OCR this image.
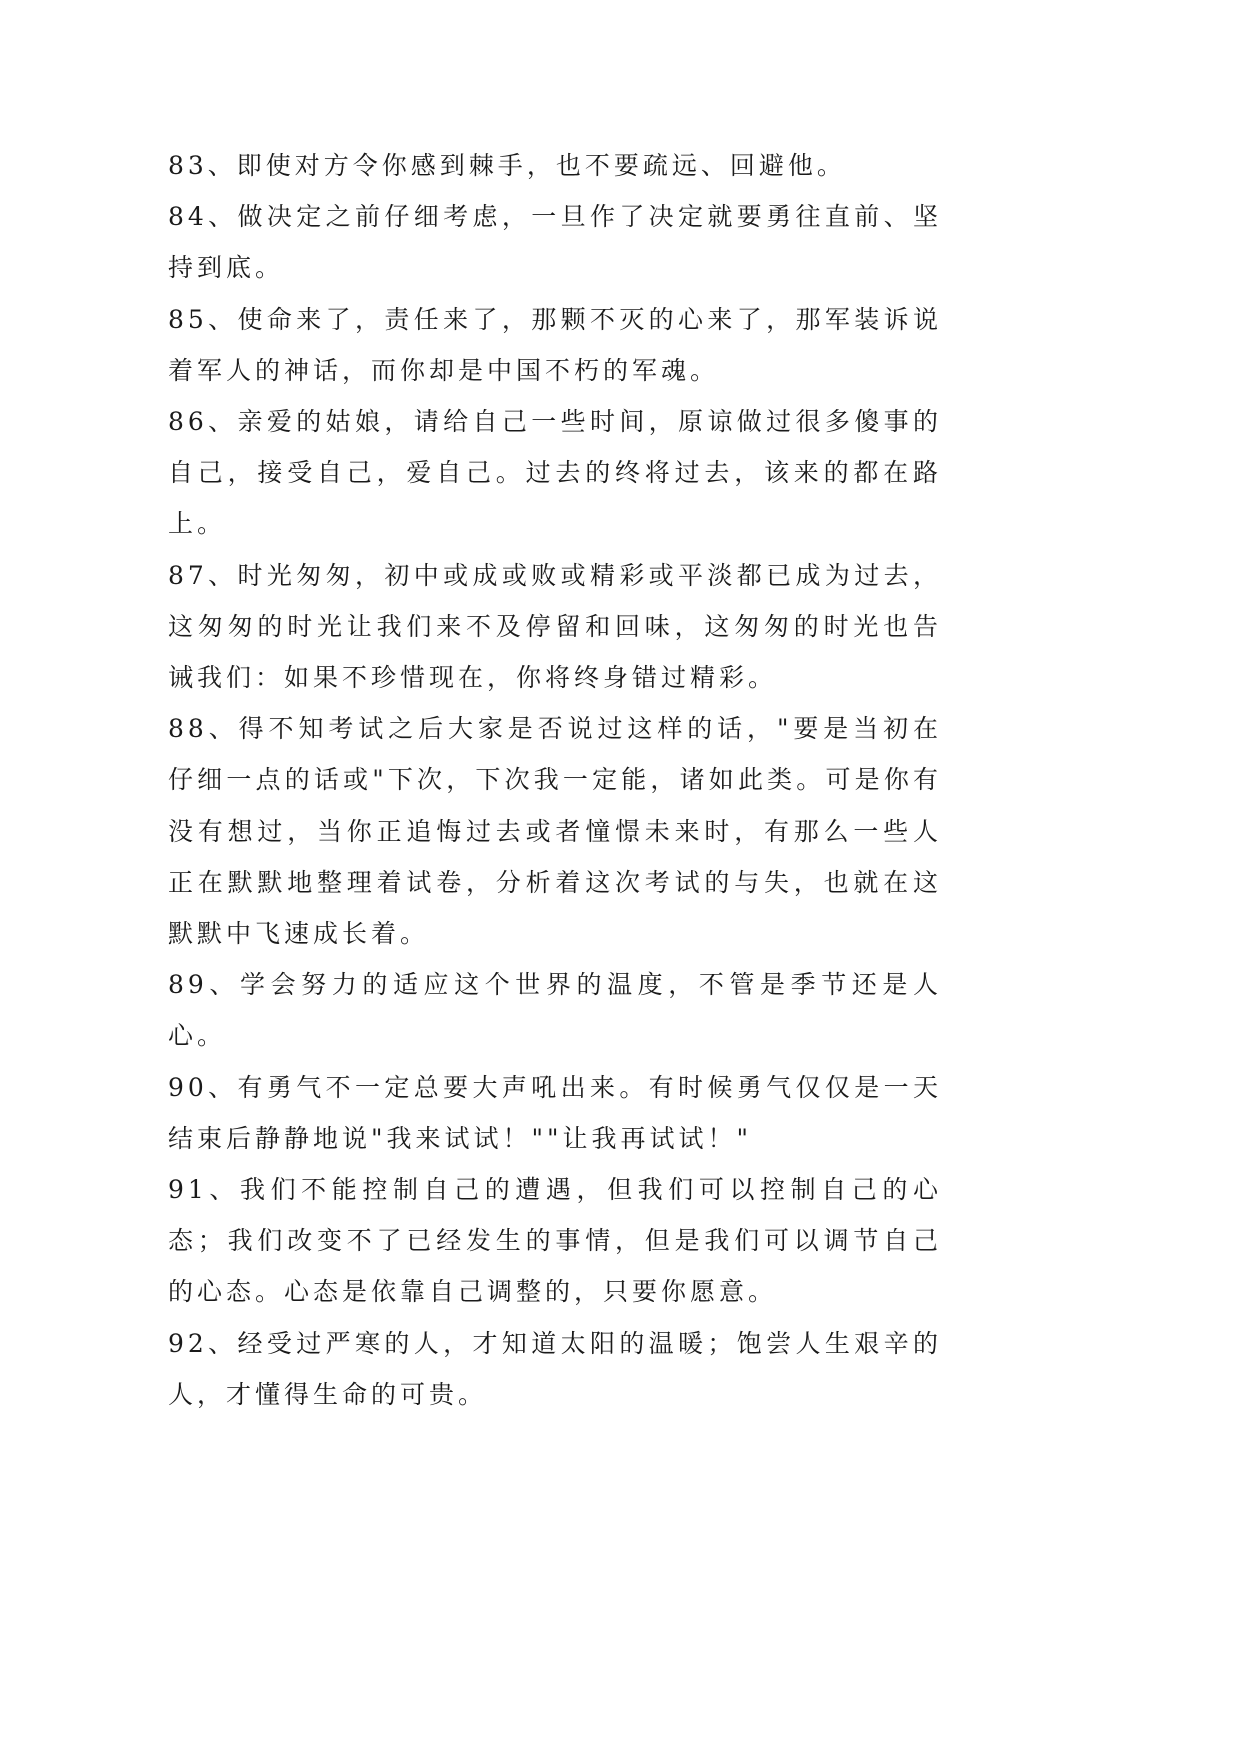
83、即使对方令你感到棘手，也不要疏远、回避他。

84、做决定之前仔细考虑，一旦作了决定就要勇往直前、坚持到底。

85、使命来了，责任来了，那颗不灭的心来了，那军装诉说着军人的神话，而你却是中国不朽的军魂。

86、亲爱的姑娘，请给自己一些时间，原谅做过很多傻事的自己，接受自己，爱自己。过去的终将过去，该来的都在路上。

87、时光匆匆，初中或成或败或精彩或平淡都已成为过去，这匆匆的时光让我们来不及停留和回味，这匆匆的时光也告诫我们：如果不珍惜现在，你将终身错过精彩。

88、得不知考试之后大家是否说过这样的话，"要是当初在仔细一点的话或"下次，下次我一定能，诸如此类。可是你有没有想过，当你正追悔过去或者憧憬未来时，有那么一些人正在默默地整理着试卷，分析着这次考试的与失，也就在这默默中飞速成长着。

89、学会努力的适应这个世界的温度，不管是季节还是人心。

90、有勇气不一定总要大声吼出来。有时候勇气仅仅是一天结束后静静地说"我来试试！""让我再试试！"

91、我们不能控制自己的遭遇，但我们可以控制自己的心态；我们改变不了已经发生的事情，但是我们可以调节自己的心态。心态是依靠自己调整的，只要你愿意。

92、经受过严寒的人，才知道太阳的温暖；饱尝人生艰辛的人，才懂得生命的可贵。
